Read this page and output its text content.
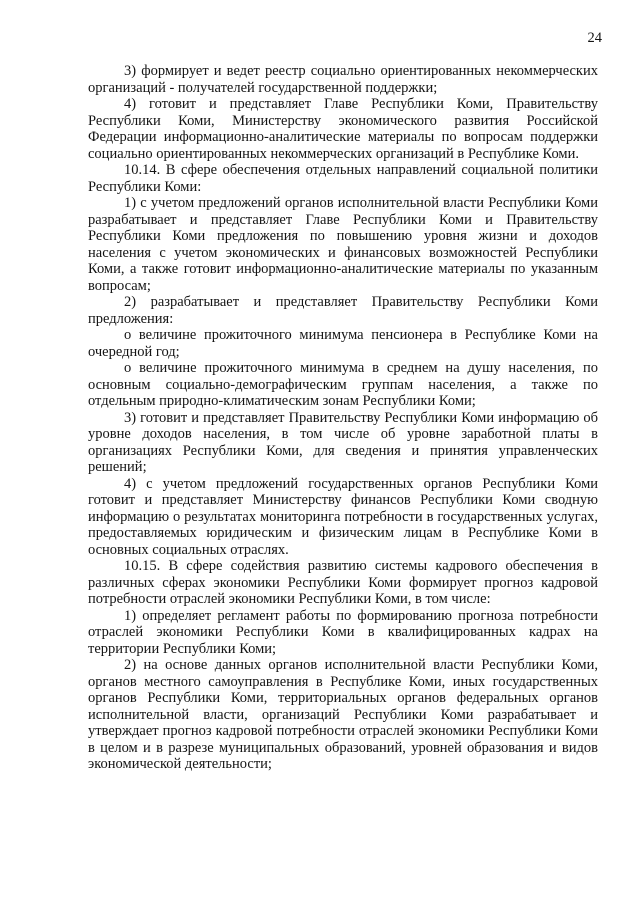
24

3) формирует и ведет реестр социально ориентированных некоммерческих организаций - получателей государственной поддержки;

4) готовит и представляет Главе Республики Коми, Правительству Республики Коми, Министерству экономического развития Российской Федерации информационно-аналитические материалы по вопросам поддержки социально ориентированных некоммерческих организаций в Республике Коми.

10.14. В сфере обеспечения отдельных направлений социальной политики Республики Коми:

1) с учетом предложений органов исполнительной власти Республики Коми разрабатывает и представляет Главе Республики Коми и Правительству Республики Коми предложения по повышению уровня жизни и доходов населения с учетом экономических и финансовых возможностей Республики Коми, а также готовит информационно-аналитические материалы по указанным вопросам;

2) разрабатывает и представляет Правительству Республики Коми предложения:

о величине прожиточного минимума пенсионера в Республике Коми на очередной год;

о величине прожиточного минимума в среднем на душу населения, по основным социально-демографическим группам населения, а также по отдельным природно-климатическим зонам Республики Коми;

3) готовит и представляет Правительству Республики Коми информацию об уровне доходов населения, в том числе об уровне заработной платы в организациях Республики Коми, для сведения и принятия управленческих решений;

4) с учетом предложений государственных органов Республики Коми готовит и представляет Министерству финансов Республики Коми сводную информацию о результатах мониторинга потребности в государственных услугах, предоставляемых юридическим и физическим лицам в Республике Коми в основных социальных отраслях.

10.15. В сфере содействия развитию системы кадрового обеспечения в различных сферах экономики Республики Коми формирует прогноз кадровой потребности отраслей экономики Республики Коми, в том числе:

1) определяет регламент работы по формированию прогноза потребности отраслей экономики Республики Коми в квалифицированных кадрах на территории Республики Коми;

2) на основе данных органов исполнительной власти Республики Коми, органов местного самоуправления в Республике Коми, иных государственных органов Республики Коми, территориальных органов федеральных органов исполнительной власти, организаций Республики Коми разрабатывает и утверждает прогноз кадровой потребности отраслей экономики Республики Коми в целом и в разрезе муниципальных образований, уровней образования и видов экономической деятельности;
